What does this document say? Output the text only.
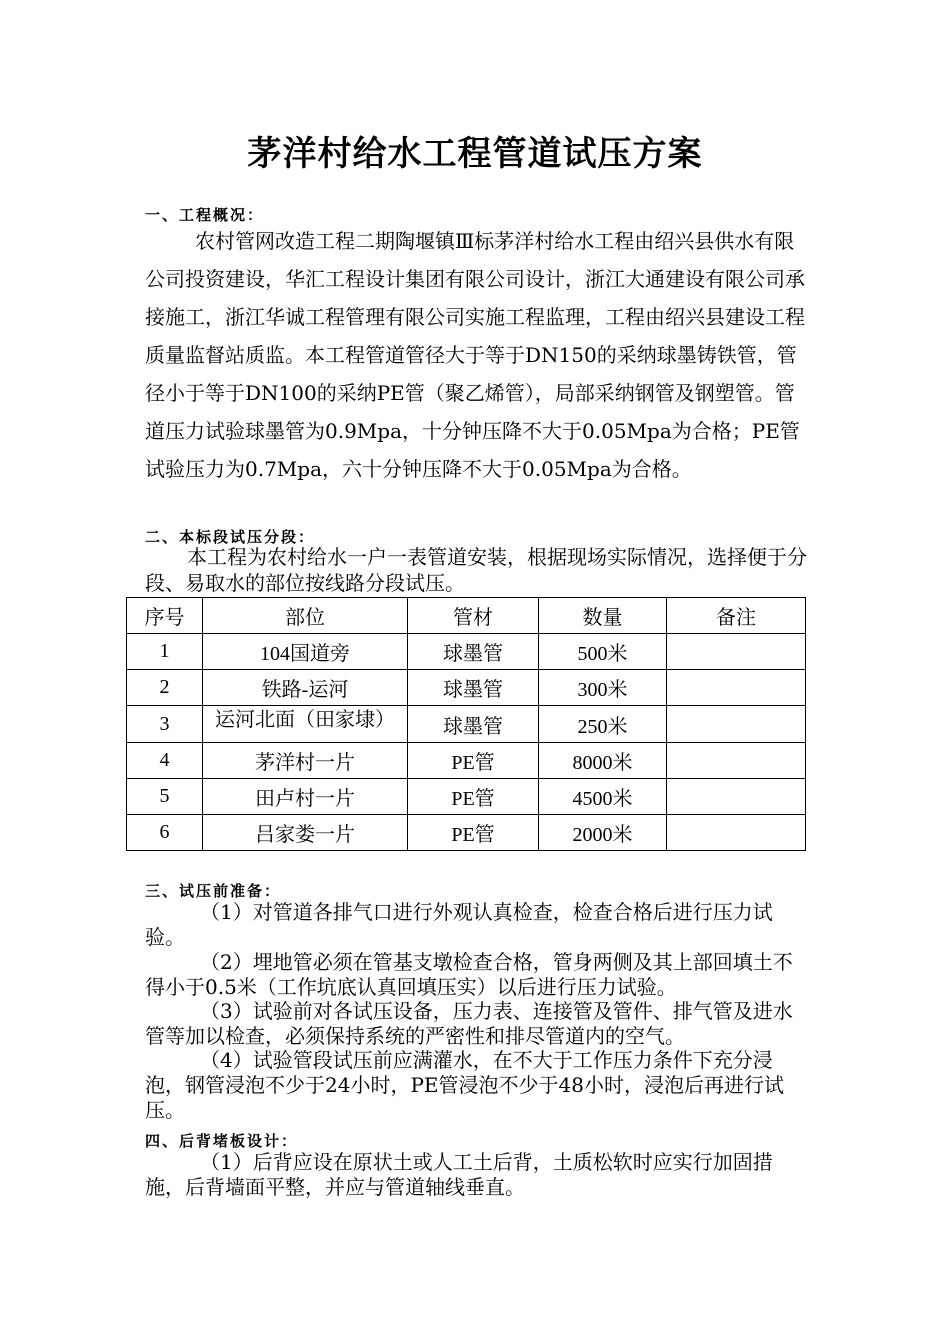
茅洋村给水工程管道试压方案
一、工程概况：
农村管网改造工程二期陶堰镇Ⅲ标茅洋村给水工程由绍兴县供水有限公司投资建设，华汇工程设计集团有限公司设计，浙江大通建设有限公司承接施工，浙江华诚工程管理有限公司实施工程监理，工程由绍兴县建设工程质量监督站质监。本工程管道管径大于等于DN150的采纳球墨铸铁管，管径小于等于DN100的采纳PE管（聚乙烯管），局部采纳钢管及钢塑管。管道压力试验球墨管为0.9Mpa，十分钟压降不大于0.05Mpa为合格；PE管试验压力为0.7Mpa，六十分钟压降不大于0.05Mpa为合格。
二、本标段试压分段：
本工程为农村给水一户一表管道安装，根据现场实际情况，选择便于分段、易取水的部位按线路分段试压。
序号	部位	管材	数量	备注
1	104国道旁	球墨管	500米	
2	铁路-运河	球墨管	300米	
3	运河北面（田家埭）	球墨管	250米	
4	茅洋村一片	PE管	8000米	
5	田卢村一片	PE管	4500米	
6	吕家娄一片	PE管	2000米	
三、试压前准备：
（1）对管道各排气口进行外观认真检查，检查合格后进行压力试验。
（2）埋地管必须在管基支墩检查合格，管身两侧及其上部回填土不得小于0.5米（工作坑底认真回填压实）以后进行压力试验。
（3）试验前对各试压设备，压力表、连接管及管件、排气管及进水管等加以检查，必须保持系统的严密性和排尽管道内的空气。
（4）试验管段试压前应满灌水，在不大于工作压力条件下充分浸泡，钢管浸泡不少于24小时，PE管浸泡不少于48小时，浸泡后再进行试压。
四、后背堵板设计：
（1）后背应设在原状土或人工土后背，土质松软时应实行加固措施，后背墙面平整，并应与管道轴线垂直。
